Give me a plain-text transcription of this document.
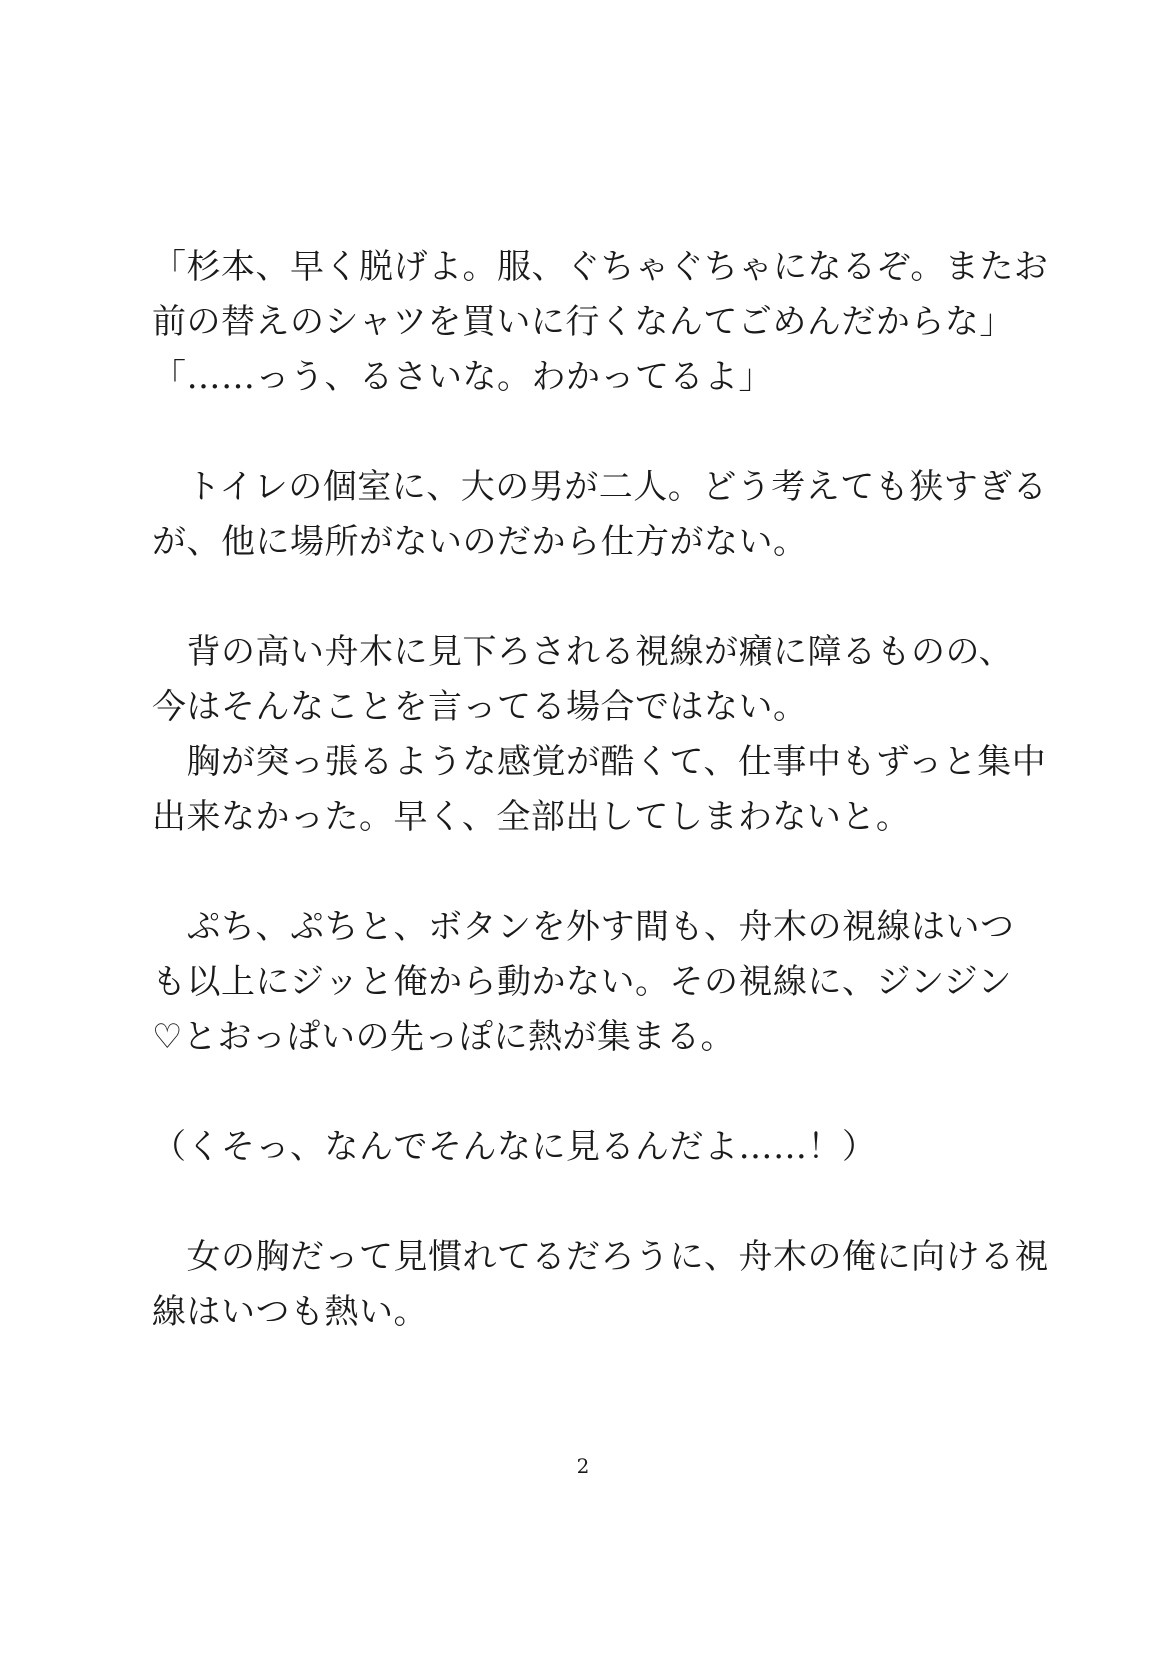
「杉本、早く脱げよ。服、ぐちゃぐちゃになるぞ。またお
前の替えのシャツを買いに行くなんてごめんだからな」
「……っう、るさいな。わかってるよ」
　トイレの個室に、大の男が二人。どう考えても狭すぎる
が、他に場所がないのだから仕方がない。
　背の高い舟木に見下ろされる視線が癪に障るものの、
今はそんなことを言ってる場合ではない。
　胸が突っ張るような感覚が酷くて、仕事中もずっと集中
出来なかった。早く、全部出してしまわないと。
　ぷち、ぷちと、ボタンを外す間も、舟木の視線はいつ
も以上にジッと俺から動かない。その視線に、ジンジン
♡とおっぱいの先っぽに熱が集まる。
（くそっ、なんでそんなに見るんだよ……！）
　女の胸だって見慣れてるだろうに、舟木の俺に向ける視
線はいつも熱い。
2
